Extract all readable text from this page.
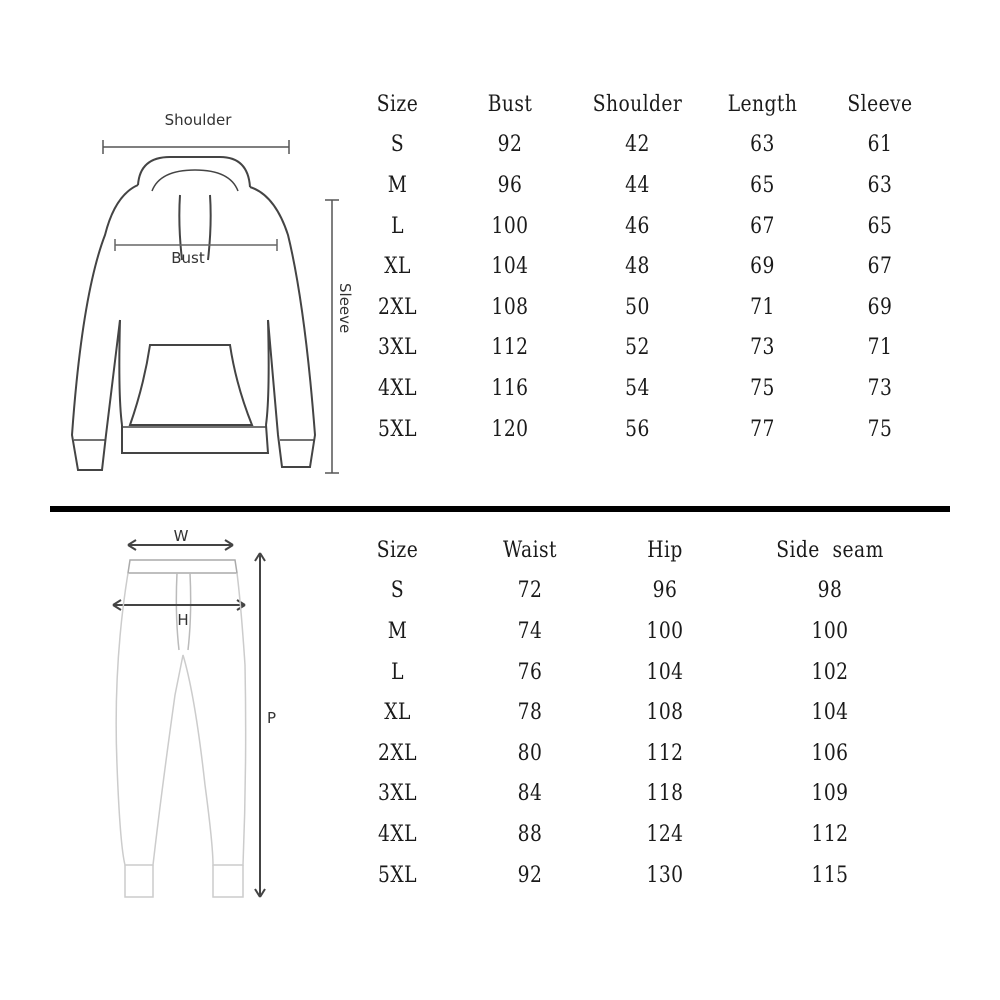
Shoulder
Bust
Sleeve
Size	Bust	Shoulder	Length	Sleeve
S	92	42	63	61
M	96	44	65	63
L	100	46	67	65
XL	104	48	69	67
2XL	108	50	71	69
3XL	112	52	73	71
4XL	116	54	75	73
5XL	120	56	77	75
W
H
P
Size	Waist	Hip	Side  seam
S	72	96	98
M	74	100	100
L	76	104	102
XL	78	108	104
2XL	80	112	106
3XL	84	118	109
4XL	88	124	112
5XL	92	130	115
